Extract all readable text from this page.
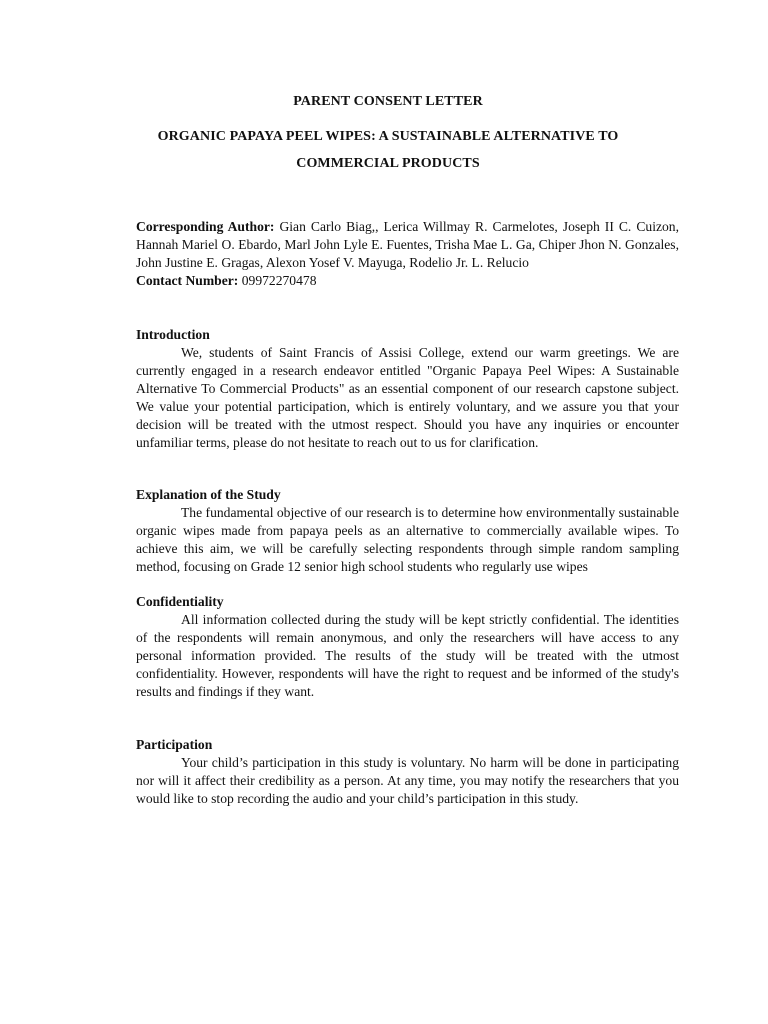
PARENT CONSENT LETTER
ORGANIC PAPAYA PEEL WIPES: A SUSTAINABLE ALTERNATIVE TO
COMMERCIAL PRODUCTS
Corresponding Author: Gian Carlo Biag,, Lerica Willmay R. Carmelotes, Joseph II C. Cuizon, Hannah Mariel O. Ebardo, Marl John Lyle E. Fuentes, Trisha Mae L. Ga, Chiper Jhon N. Gonzales, John Justine E. Gragas, Alexon Yosef V. Mayuga, Rodelio Jr. L. Relucio
Contact Number: 09972270478
Introduction
We, students of Saint Francis of Assisi College, extend our warm greetings. We are currently engaged in a research endeavor entitled "Organic Papaya Peel Wipes: A Sustainable Alternative To Commercial Products" as an essential component of our research capstone subject. We value your potential participation, which is entirely voluntary, and we assure you that your decision will be treated with the utmost respect. Should you have any inquiries or encounter unfamiliar terms, please do not hesitate to reach out to us for clarification.
Explanation of the Study
The fundamental objective of our research is to determine how environmentally sustainable organic wipes made from papaya peels as an alternative to commercially available wipes. To achieve this aim, we will be carefully selecting respondents through simple random sampling method, focusing on Grade 12 senior high school students who regularly use wipes
Confidentiality
All information collected during the study will be kept strictly confidential. The identities of the respondents will remain anonymous, and only the researchers will have access to any personal information provided. The results of the study will be treated with the utmost confidentiality. However, respondents will have the right to request and be informed of the study's results and findings if they want.
Participation
Your child’s participation in this study is voluntary. No harm will be done in participating nor will it affect their credibility as a person. At any time, you may notify the researchers that you would like to stop recording the audio and your child’s participation in this study.
